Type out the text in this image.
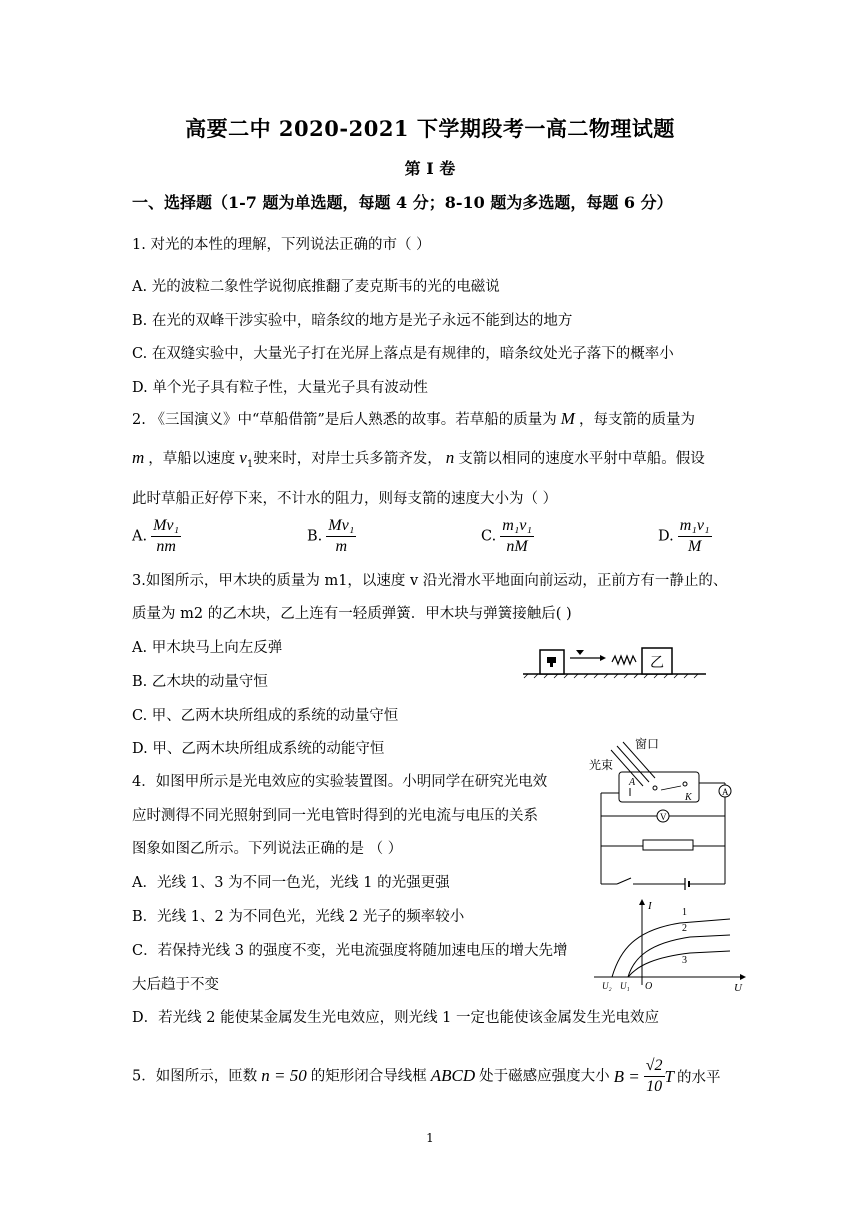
高要二中 2020-2021 下学期段考一高二物理试题
第 I 卷
一、选择题（1-7 题为单选题，每题 4 分；8-10 题为多选题，每题 6 分）
1. 对光的本性的理解，下列说法正确的市（ ）
A. 光的波粒二象性学说彻底推翻了麦克斯韦的光的电磁说
B. 在光的双峰干涉实验中，暗条纹的地方是光子永远不能到达的地方
C. 在双缝实验中，大量光子打在光屏上落点是有规律的，暗条纹处光子落下的概率小
D. 单个光子具有粒子性，大量光子具有波动性
2. 《三国演义》中“草船借箭”是后人熟悉的故事。若草船的质量为 M ，每支箭的质量为
m ，草船以速度 $v_1$驶来时，对岸士兵多箭齐发， n 支箭以相同的速度水平射中草船。假设
此时草船正好停下来，不计水的阻力，则每支箭的速度大小为（ ）
A. $\frac{\text{Mv₁}}{nm}$	B. $\frac{\text{Mv₁}}{m}$	C. $\frac{\text{m₁v₁}}{nM}$	D. $\frac{\text{m₁v₁}}{M}$
3.如图所示，甲木块的质量为 m1，以速度 v 沿光滑水平地面向前运动，正前方有一静止的、
质量为 m2 的乙木块，乙上连有一轻质弹簧．甲木块与弹簧接触后( )
A. 甲木块马上向左反弹
B. 乙木块的动量守恒
C. 甲、乙两木块所组成的系统的动量守恒
D. 甲、乙两木块所组成系统的动能守恒
乙
4．如图甲所示是光电效应的实验装置图。小明同学在研究光电效
应时测得不同光照射到同一光电管时得到的光电流与电压的关系
图象如图乙所示。下列说法正确的是 （ ）
A．光线 1、3 为不同一色光，光线 1 的光强更强
B．光线 1、2 为不同色光，光线 2 光子的频率较小
C．若保持光线 3 的强度不变，光电流强度将随加速电压的增大先增
大后趋于不变
D．若光线 2 能使某金属发生光电效应，则光线 1 一定也能使该金属发生光电效应
窗口
光束
A
K	A
V
I
U
O
U₂ U₁
1
2
3
5．如图所示，匝数 n = 50 的矩形闭合导线框 ABCD 处于磁感应强度大小 $B = \frac{√2}{10}$ T 的水平
1
